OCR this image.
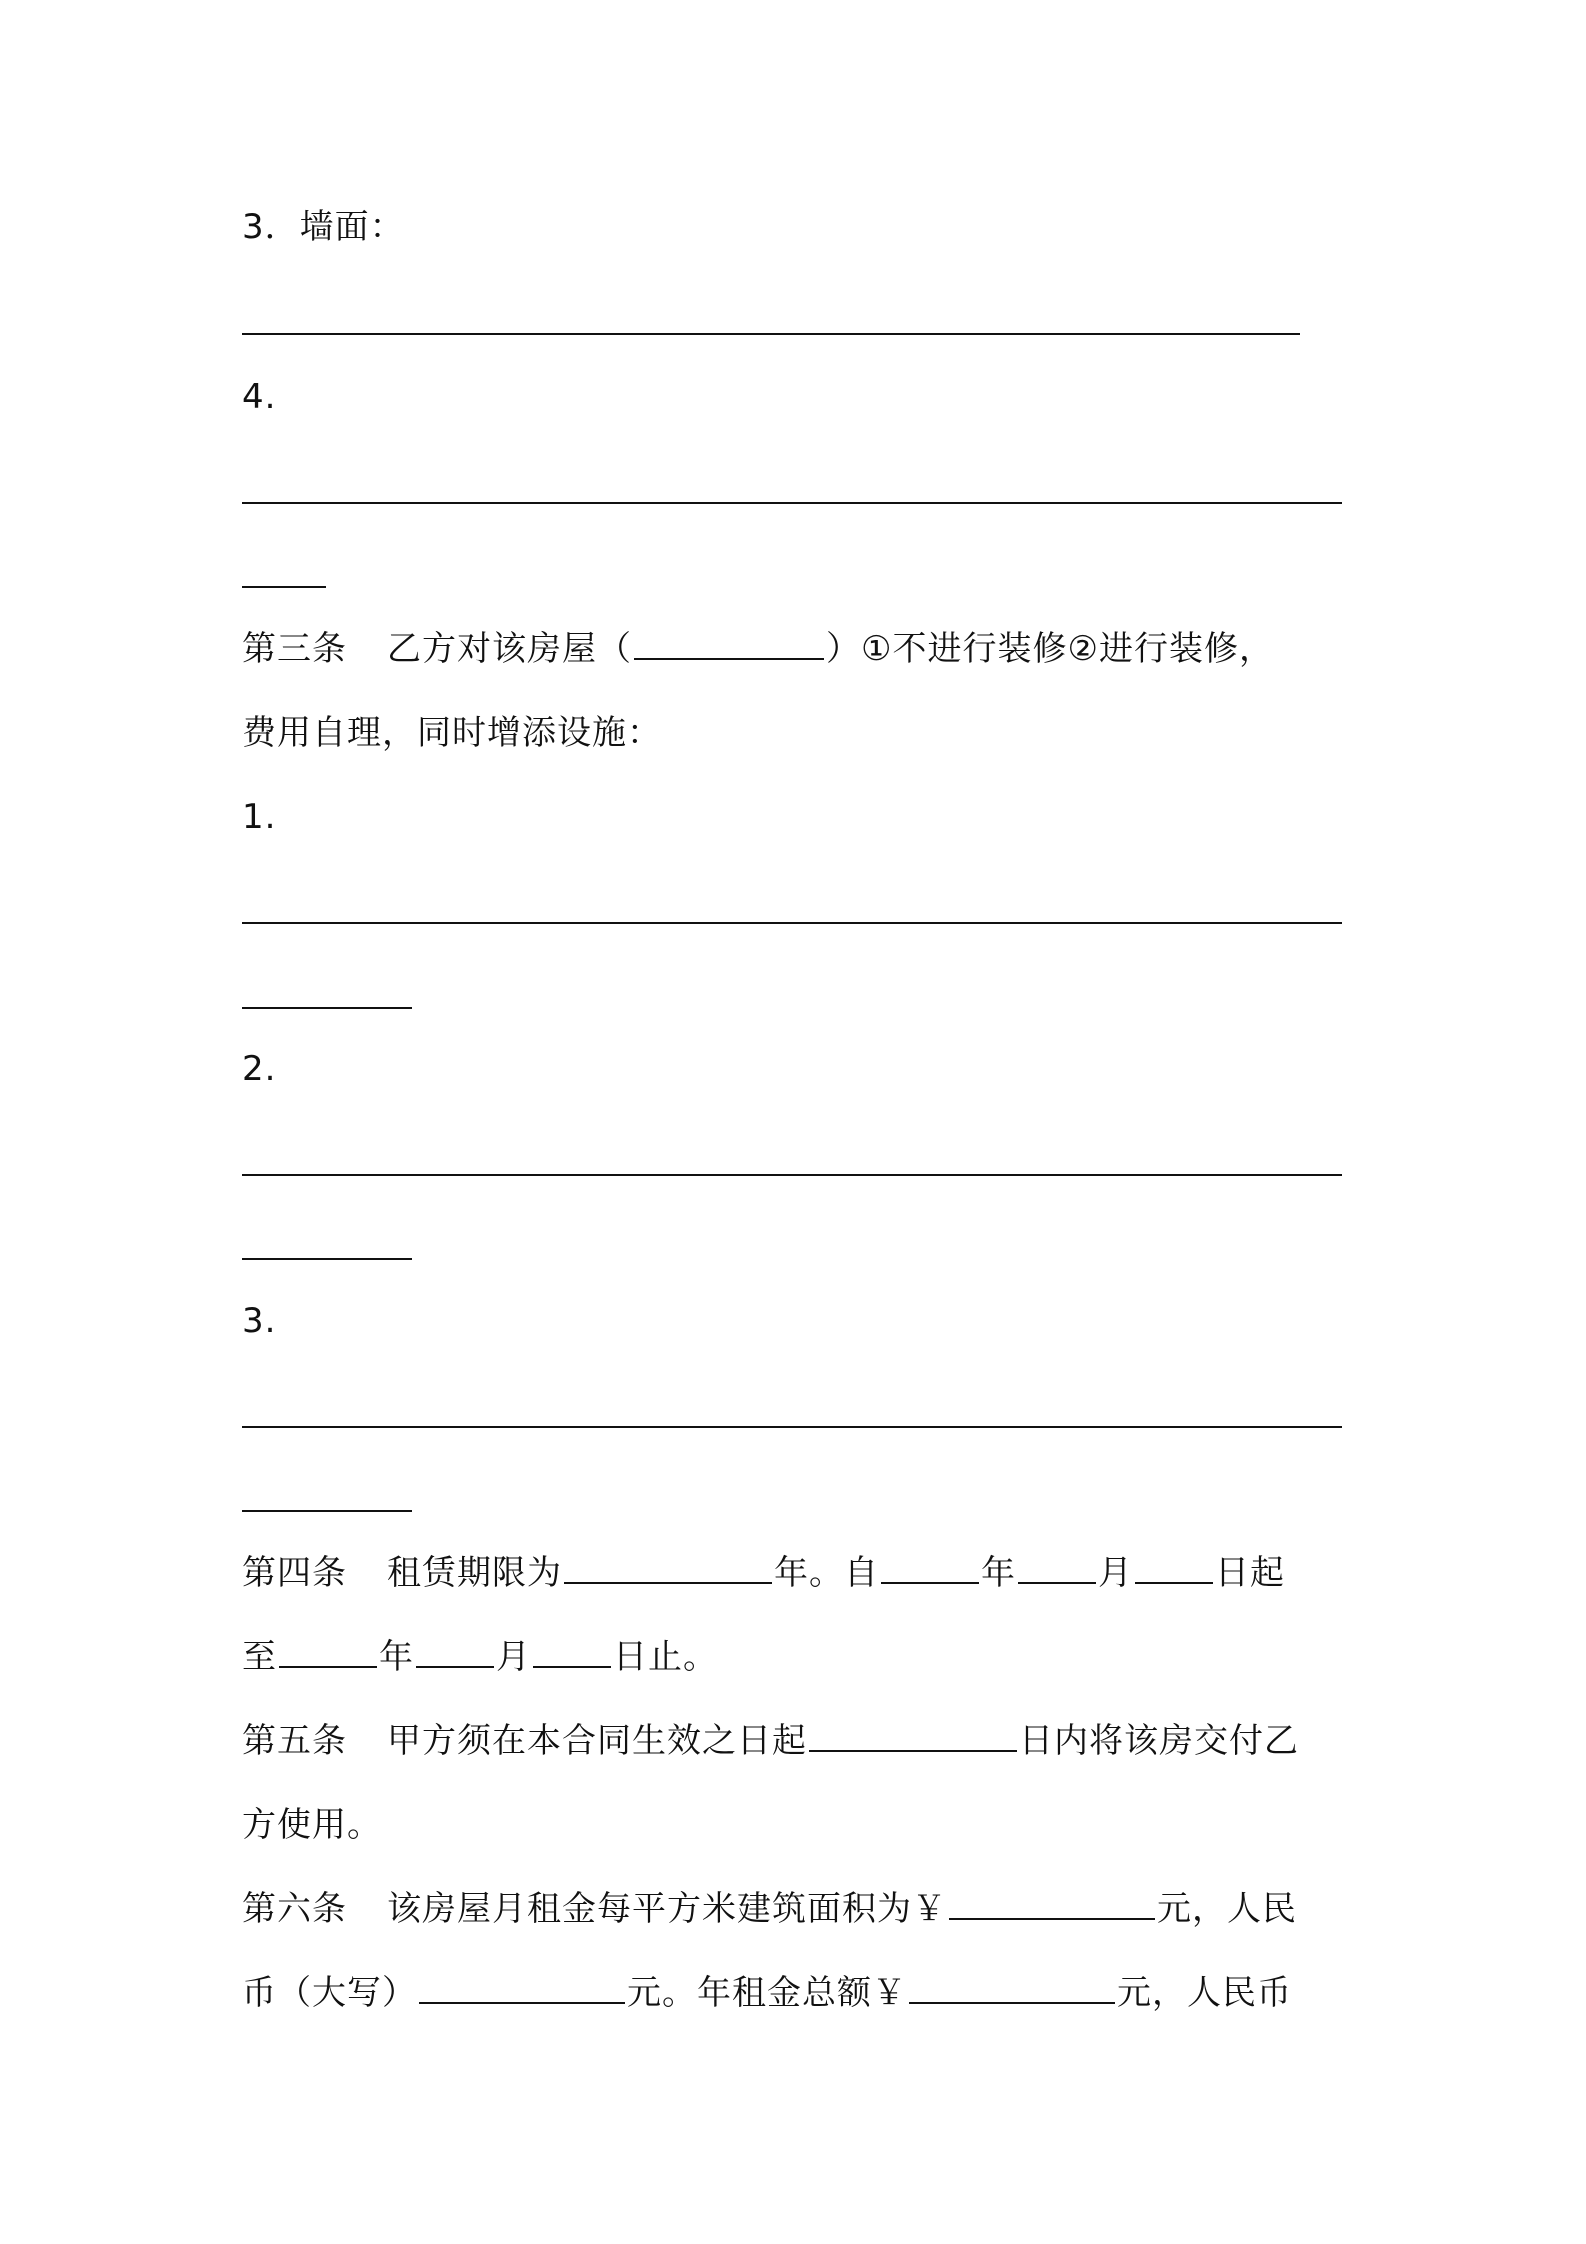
3．墙面：
4.
第三条 乙方对该房屋（	）①不进行装修②进行装修，
费用自理，同时增添设施：
1.
2.
3.
第四条 租赁期限为	年。自	年 月 日起
至	年 月 日止。
第五条 甲方须在本合同生效之日起	日内将该房交付乙
方使用。
第六条 该房屋月租金每平方米建筑面积为￥	元，人民
币（大写）	元。年租金总额￥	元，人民币
